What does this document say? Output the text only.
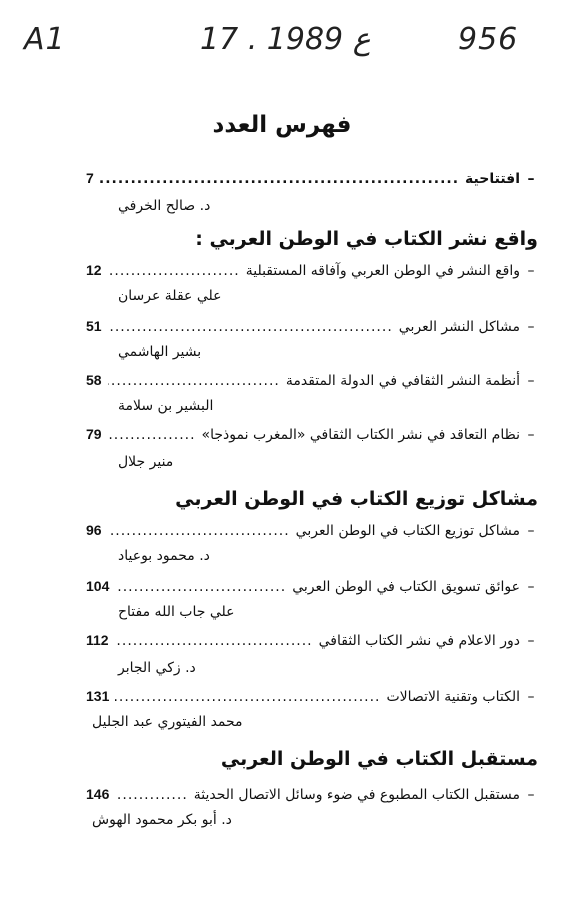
A1	17 . ع 1989	956
فهرس العدد
–
افتتاحية
.....
7
د. صالح الخرفي
واقع نشر الكتاب في الوطن العربي :
–
واقع النشر في الوطن العربي وآفاقه المستقبلية
.....
12
علي عقلة عرسان
–
مشاكل النشر العربي
.....
51
بشير الهاشمي
–
أنظمة النشر الثقافي في الدولة المتقدمة
.....
58
البشير بن سلامة
–
نظام التعاقد في نشر الكتاب الثقافي «المغرب نموذجا»
.....
79
منير جلال
مشاكل توزيع الكتاب في الوطن العربي
–
مشاكل توزيع الكتاب في الوطن العربي
.....
96
د. محمود بوعياد
–
عوائق تسويق الكتاب في الوطن العربي
.....
104
علي جاب الله مفتاح
–
دور الاعلام في نشر الكتاب الثقافي
.....
112
د. زكي الجابر
–
الكتاب وتقنية الاتصالات
.....
131
محمد الفيتوري عبد الجليل
مستقبل الكتاب في الوطن العربي
–
مستقبل الكتاب المطبوع في ضوء وسائل الاتصال الحديثة
.....
146
د. أبو بكر محمود الهوش
